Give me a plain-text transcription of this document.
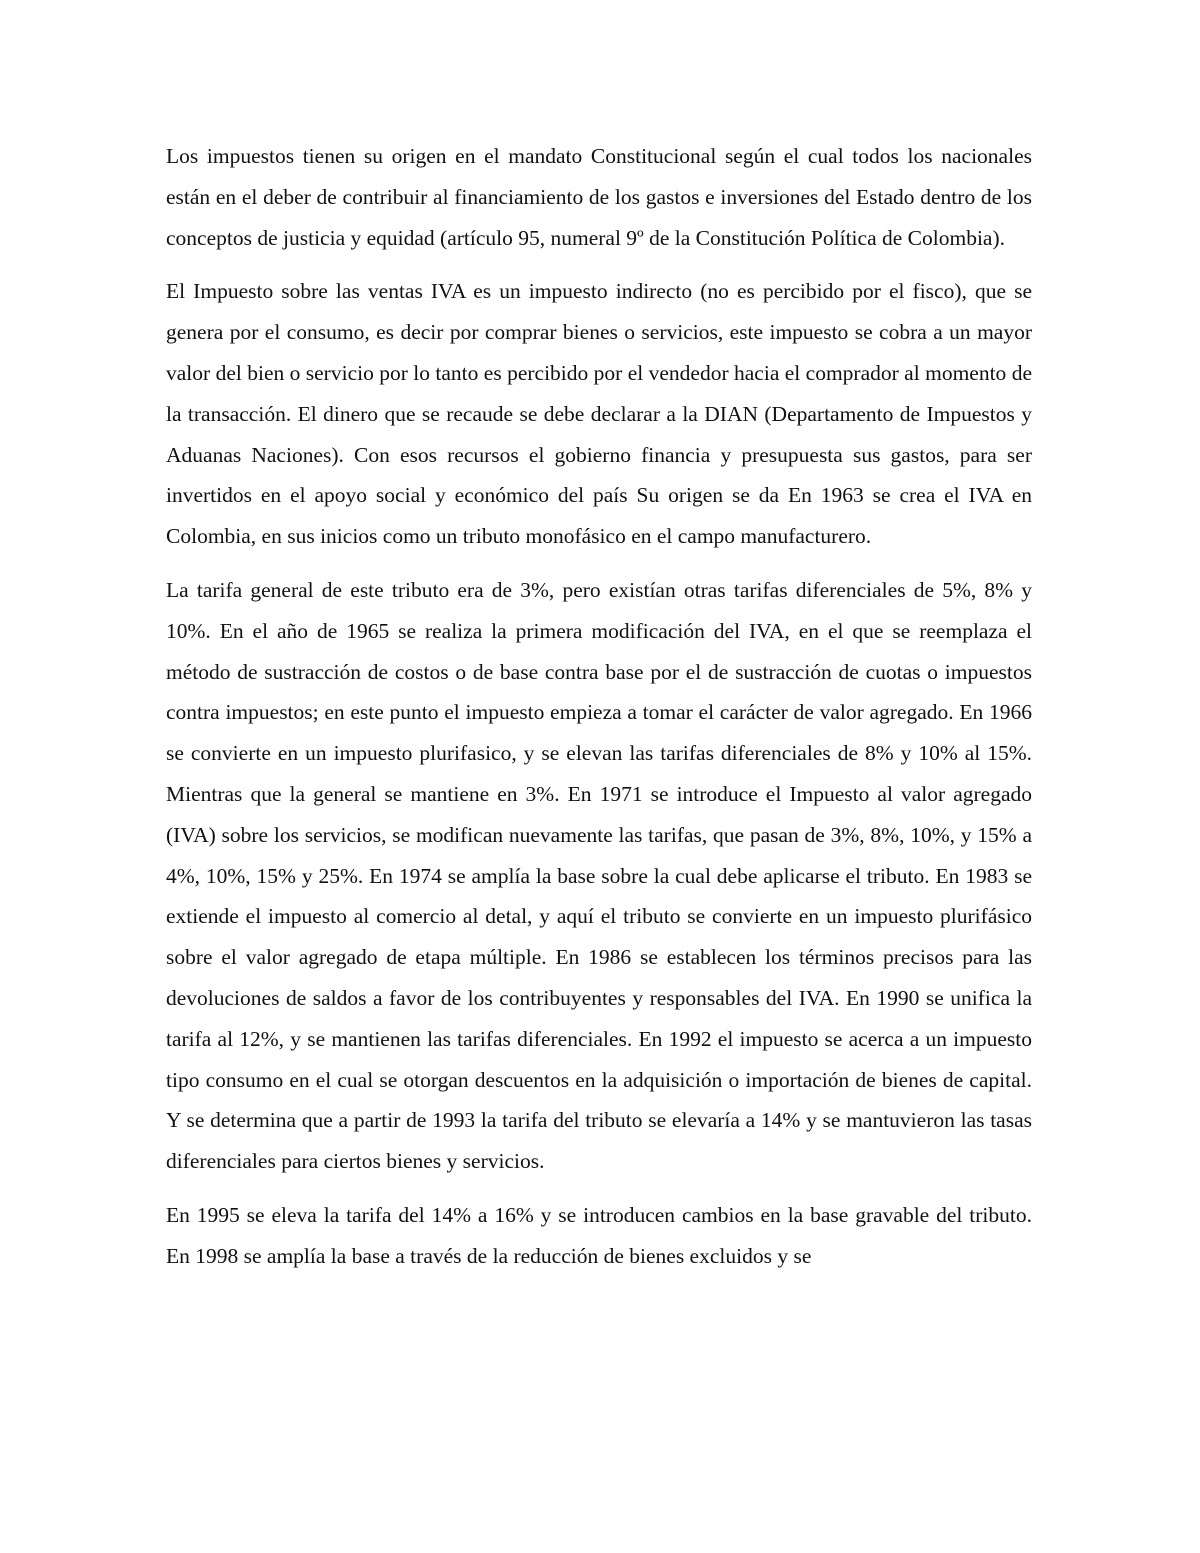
Los impuestos tienen su origen en el mandato Constitucional según el cual todos los nacionales están en el deber de contribuir al financiamiento de los gastos e inversiones del Estado dentro de los conceptos de justicia y equidad (artículo 95, numeral 9º de la Constitución Política de Colombia).

El Impuesto sobre las ventas IVA es un impuesto indirecto (no es percibido por el fisco), que se genera por el consumo, es decir por comprar bienes o servicios, este impuesto se cobra a un mayor valor del bien o servicio por lo tanto es percibido por el vendedor hacia el comprador al momento de la transacción. El dinero que se recaude se debe declarar a la DIAN (Departamento de Impuestos y Aduanas Naciones). Con esos recursos el gobierno financia y presupuesta sus gastos, para ser invertidos en el apoyo social y económico del país Su origen se da En 1963 se crea el IVA en Colombia, en sus inicios como un tributo monofásico en el campo manufacturero.

La tarifa general de este tributo era de 3%, pero existían otras tarifas diferenciales de 5%, 8% y 10%. En el año de 1965 se realiza la primera modificación del IVA, en el que se reemplaza el método de sustracción de costos o de base contra base por el de sustracción de cuotas o impuestos contra impuestos; en este punto el impuesto empieza a tomar el carácter de valor agregado. En 1966 se convierte en un impuesto plurifasico, y se elevan las tarifas diferenciales de 8% y 10% al 15%. Mientras que la general se mantiene en 3%. En 1971 se introduce el Impuesto al valor agregado (IVA) sobre los servicios, se modifican nuevamente las tarifas, que pasan de 3%, 8%, 10%, y 15% a 4%, 10%, 15% y 25%. En 1974 se amplía la base sobre la cual debe aplicarse el tributo. En 1983 se extiende el impuesto al comercio al detal, y aquí el tributo se convierte en un impuesto plurifásico sobre el valor agregado de etapa múltiple. En 1986 se establecen los términos precisos para las devoluciones de saldos a favor de los contribuyentes y responsables del IVA. En 1990 se unifica la tarifa al 12%, y se mantienen las tarifas diferenciales. En 1992 el impuesto se acerca a un impuesto tipo consumo en el cual se otorgan descuentos en la adquisición o importación de bienes de capital. Y se determina que a partir de 1993 la tarifa del tributo se elevaría a 14% y se mantuvieron las tasas diferenciales para ciertos bienes y servicios.

En 1995 se eleva la tarifa del 14% a 16% y se introducen cambios en la base gravable del tributo. En 1998 se amplía la base a través de la reducción de bienes excluidos y se
